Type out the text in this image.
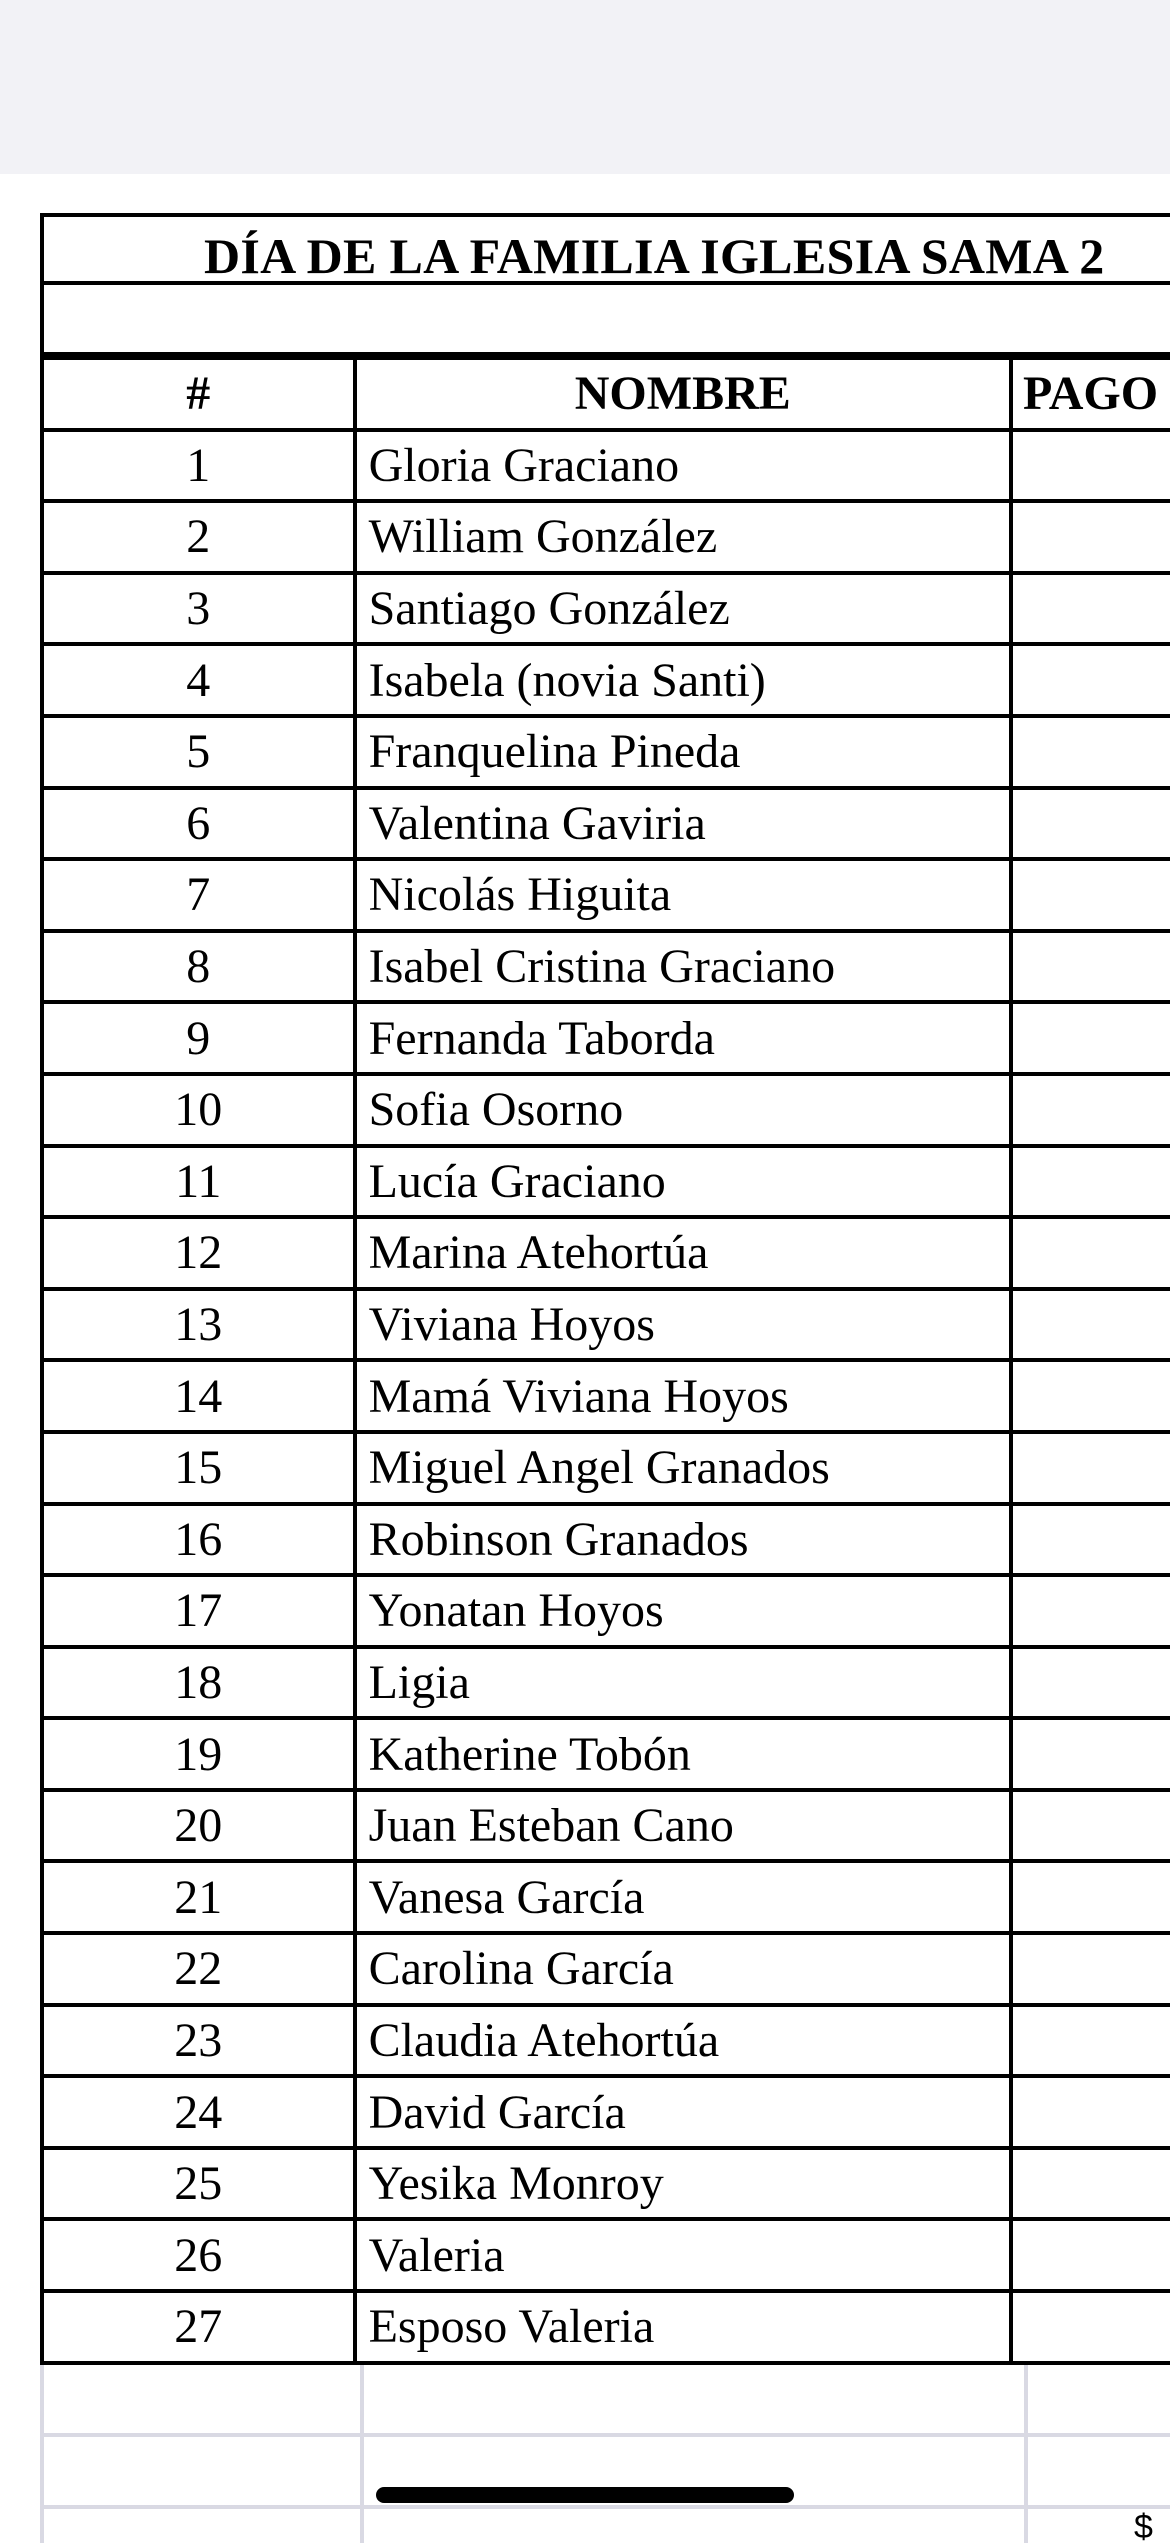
DÍA DE LA FAMILIA IGLESIA SAMA 2
#	NOMBRE	PAGO
1	Gloria Graciano	
2	William González	
3	Santiago González	
4	Isabela (novia Santi)	
5	Franquelina Pineda	
6	Valentina Gaviria	
7	Nicolás Higuita	
8	Isabel Cristina Graciano	
9	Fernanda Taborda	
10	Sofia Osorno	
11	Lucía Graciano	
12	Marina Atehortúa	
13	Viviana Hoyos	
14	Mamá Viviana Hoyos	
15	Miguel Angel Granados	
16	Robinson Granados	
17	Yonatan Hoyos	
18	Ligia	
19	Katherine Tobón	
20	Juan Esteban Cano	
21	Vanesa García	
22	Carolina García	
23	Claudia Atehortúa	
24	David García	
25	Yesika Monroy	
26	Valeria	
27	Esposo Valeria	
$
